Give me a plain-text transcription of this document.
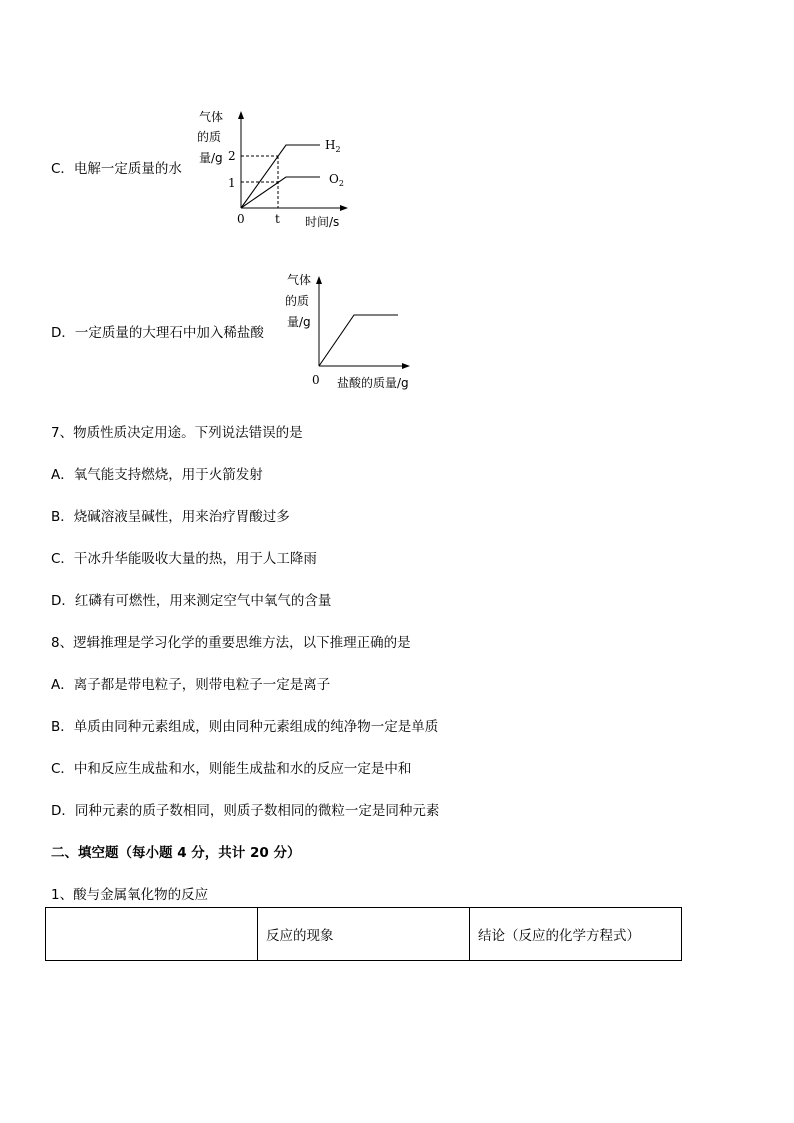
C．电解一定质量的水
气体
的质
量/g 2
1
$H_2$
$O_2$
0	t 时间/s
D．一定质量的大理石中加入稀盐酸
气体
的质
量/g
0 盐酸的质量/g
7、物质性质决定用途。下列说法错误的是
A．氧气能支持燃烧，用于火箭发射
B．烧碱溶液呈碱性，用来治疗胃酸过多
C．干冰升华能吸收大量的热，用于人工降雨
D．红磷有可燃性，用来测定空气中氧气的含量
8、逻辑推理是学习化学的重要思维方法，以下推理正确的是
A．离子都是带电粒子，则带电粒子一定是离子
B．单质由同种元素组成，则由同种元素组成的纯净物一定是单质
C．中和反应生成盐和水，则能生成盐和水的反应一定是中和
D．同种元素的质子数相同，则质子数相同的微粒一定是同种元素
二、填空题（每小题 4 分，共计 20 分）
1、酸与金属氧化物的反应
	反应的现象	结论（反应的化学方程式）
